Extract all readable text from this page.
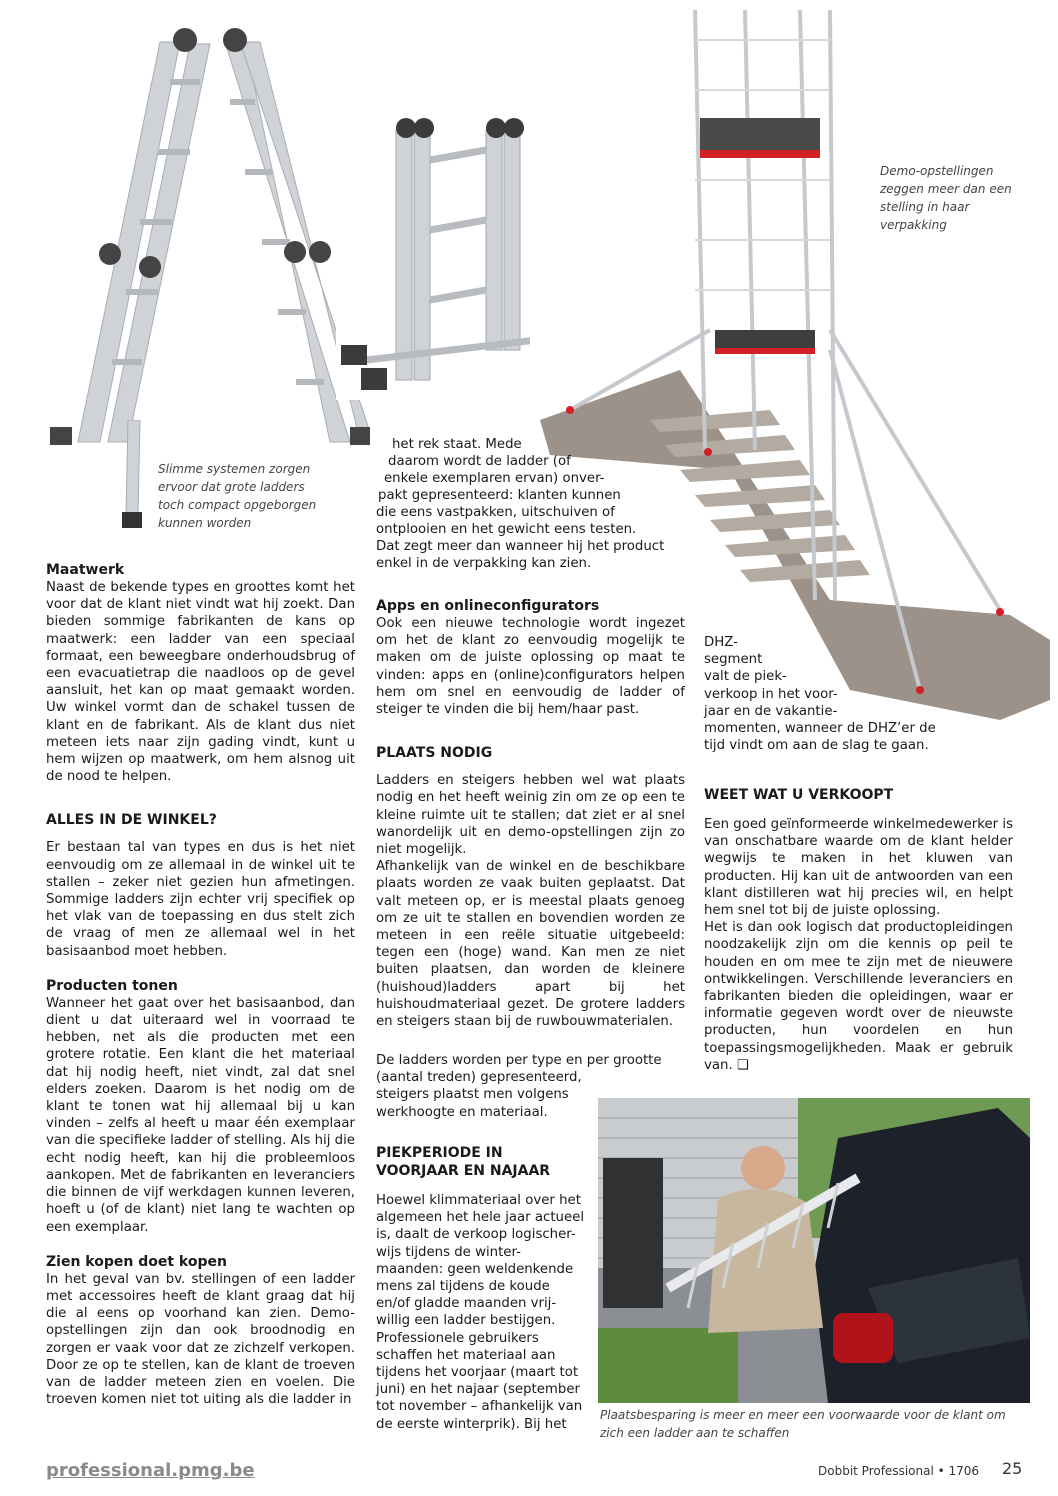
Slimme systemen zorgen ervoor dat grote ladders toch compact opgeborgen kunnen worden

Demo-opstellingen zeggen meer dan een stelling in haar verpakking

Plaatsbesparing is meer en meer een voorwaarde voor de klant om zich een ladder aan te schaffen

Maatwerk

Naast de bekende types en groottes komt het voor dat de klant niet vindt wat hij zoekt. Dan bieden sommige fabrikanten de kans op maatwerk: een ladder van een speciaal formaat, een beweegbare onderhoudsbrug of een evacuatietrap die naadloos op de gevel aansluit, het kan op maat gemaakt worden. Uw winkel vormt dan de schakel tussen de klant en de fabrikant. Als de klant dus niet meteen iets naar zijn gading vindt, kunt u hem wijzen op maatwerk, om hem alsnog uit de nood te helpen.

ALLES IN DE WINKEL?

Er bestaan tal van types en dus is het niet eenvoudig om ze allemaal in de winkel uit te stallen – zeker niet gezien hun afmetingen. Sommige ladders zijn echter vrij specifiek op het vlak van de toepassing en dus stelt zich de vraag of men ze allemaal wel in het basisaanbod moet hebben.

Producten tonen

Wanneer het gaat over het basisaanbod, dan dient u dat uiteraard wel in voorraad te hebben, net als die producten met een grotere rotatie. Een klant die het materiaal dat hij nodig heeft, niet vindt, zal dat snel elders zoeken. Daarom is het nodig om de klant te tonen wat hij allemaal bij u kan vinden – zelfs al heeft u maar één exemplaar van die specifieke ladder of stelling. Als hij die echt nodig heeft, kan hij die probleemloos aankopen. Met de fabrikanten en leveranciers die binnen de vijf werkdagen kunnen leveren, hoeft u (of de klant) niet lang te wachten op een exemplaar.

Zien kopen doet kopen

In het geval van bv. stellingen of een ladder met accessoires heeft de klant graag dat hij die al eens op voorhand kan zien. Demo-opstellingen zijn dan ook broodnodig en zorgen er vaak voor dat ze zichzelf verkopen. Door ze op te stellen, kan de klant de troeven van de ladder meteen zien en voelen. Die troeven komen niet tot uiting als die ladder in

het rek staat. Mede
daarom wordt de ladder (of
enkele exemplaren ervan) onver-
pakt gepresenteerd: klanten kunnen
die eens vastpakken, uitschuiven of
ontplooien en het gewicht eens testen.
Dat zegt meer dan wanneer hij het product
enkel in de verpakking kan zien.

Apps en onlineconfigurators

Ook een nieuwe technologie wordt ingezet om het de klant zo eenvoudig mogelijk te maken om de juiste oplossing op maat te vinden: apps en (online)configurators helpen hem om snel en eenvoudig de ladder of steiger te vinden die bij hem/haar past.

PLAATS NODIG

Ladders en steigers hebben wel wat plaats nodig en het heeft weinig zin om ze op een te kleine ruimte uit te stallen; dat ziet er al snel wanordelijk uit en demo-opstellingen zijn zo niet mogelijk.

Afhankelijk van de winkel en de beschikbare plaats worden ze vaak buiten geplaatst. Dat valt meteen op, er is meestal plaats genoeg om ze uit te stallen en bovendien worden ze meteen in een reële situatie uitgebeeld: tegen een (hoge) wand. Kan men ze niet buiten plaatsen, dan worden de kleinere (huishoud)ladders apart bij het huishoudmateriaal gezet. De grotere ladders en steigers staan bij de ruwbouwmaterialen.

De ladders worden per type en per grootte
(aantal treden) gepresenteerd,
steigers plaatst men volgens
werkhoogte en materiaal.

PIEKPERIODE IN

VOORJAAR EN NAJAAR

Hoewel klimmateriaal over het
algemeen het hele jaar actueel
is, daalt de verkoop logischer-
wijs tijdens de winter-
maanden: geen weldenkende
mens zal tijdens de koude
en/of gladde maanden vrij-
willig een ladder bestijgen.
Professionele gebruikers
schaffen het materiaal aan
tijdens het voorjaar (maart tot
juni) en het najaar (september
tot november – afhankelijk van
de eerste winterprik). Bij het
DHZ-
segment
valt de piek-
verkoop in het voor-
jaar en de vakantie-
momenten, wanneer de DHZ’er de
tijd vindt om aan de slag te gaan.

WEET WAT U VERKOOPT

Een goed geïnformeerde winkelmedewerker is van onschatbare waarde om de klant helder wegwijs te maken in het kluwen van producten. Hij kan uit de antwoorden van een klant distilleren wat hij precies wil, en helpt hem snel tot bij de juiste oplossing.

Het is dan ook logisch dat productopleidingen noodzakelijk zijn om die kennis op peil te houden en om mee te zijn met de nieuwere ontwikkelingen. Verschillende leveranciers en fabrikanten bieden die opleidingen, waar er informatie gegeven wordt over de nieuwste producten, hun voordelen en hun toepassingsmogelijkheden. Maak er gebruik van. ❑

professional.pmg.be	Dobbit Professional • 1706 25
